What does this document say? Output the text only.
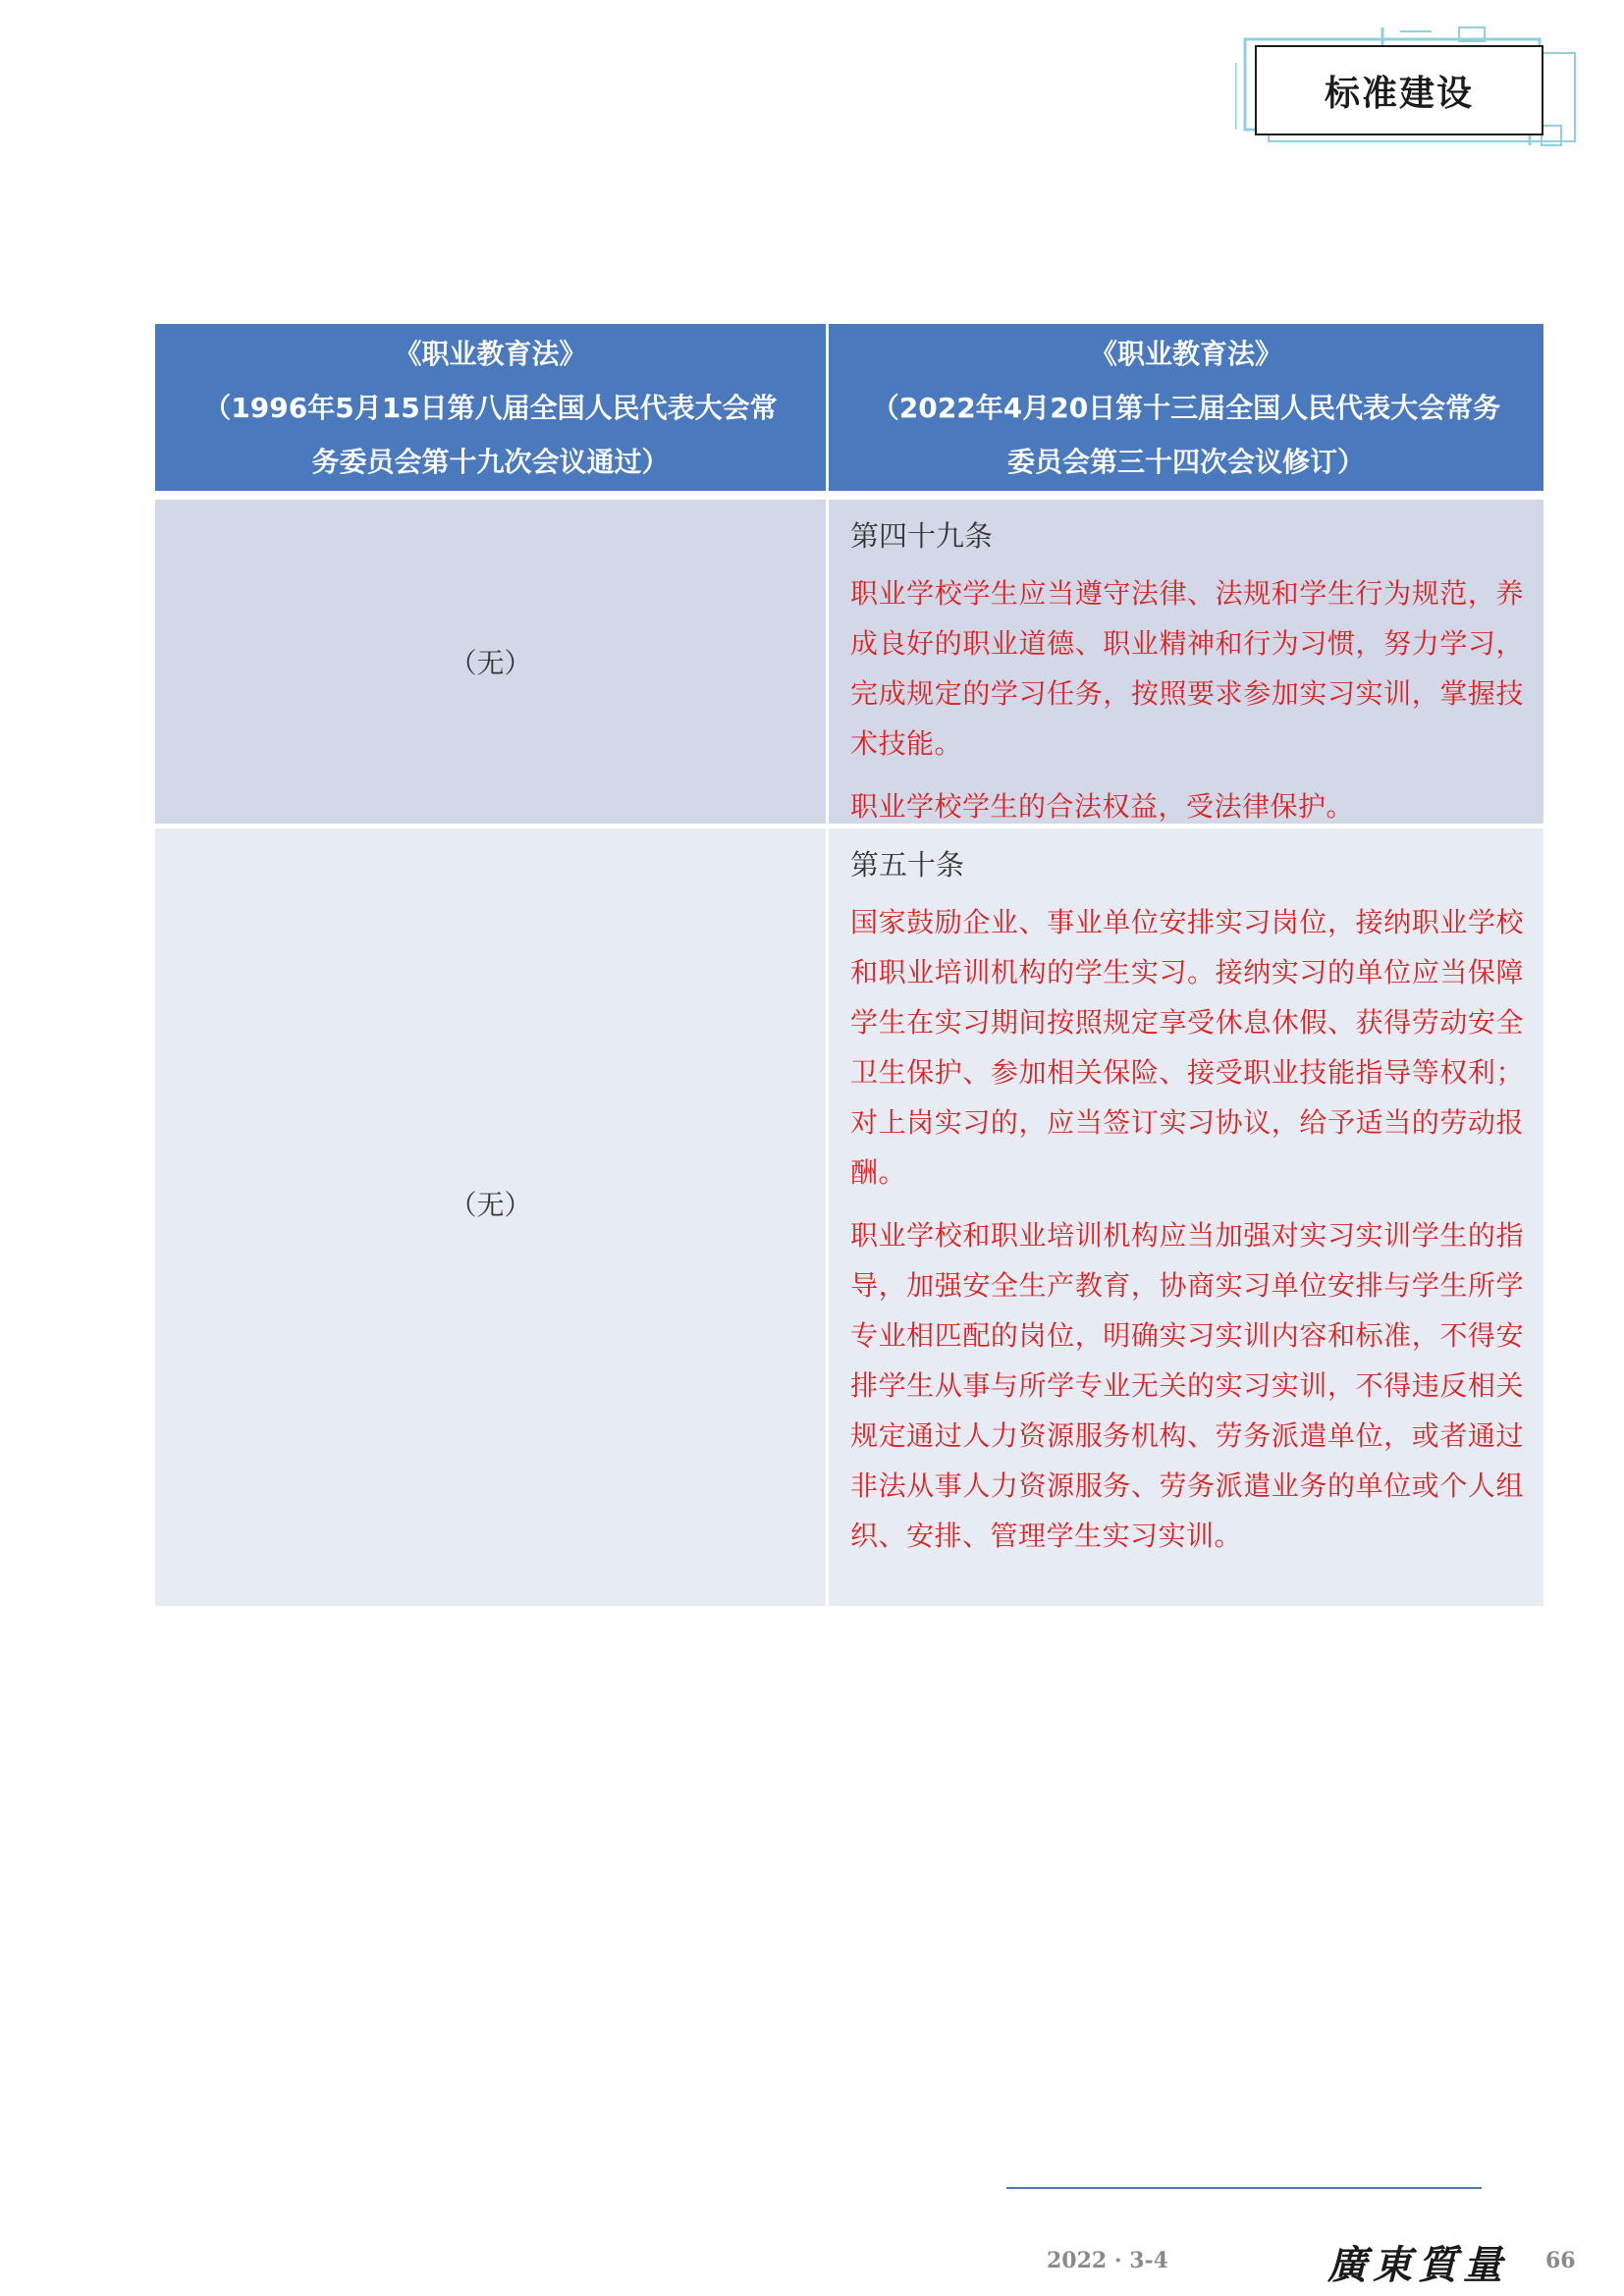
标准建设
《职业教育法》
（1996年5月15日第八届全国人民代表大会常
务委员会第十九次会议通过）
《职业教育法》
（2022年4月20日第十三届全国人民代表大会常务
委员会第三十四次会议修订）
（无）
第四十九条

职业学校学生应当遵守法律、法规和学生行为规范，养成良好的职业道德、职业精神和行为习惯，努力学习，完成规定的学习任务，按照要求参加实习实训，掌握技术技能。

职业学校学生的合法权益，受法律保护。

（无）
第五十条

国家鼓励企业、事业单位安排实习岗位，接纳职业学校和职业培训机构的学生实习。接纳实习的单位应当保障学生在实习期间按照规定享受休息休假、获得劳动安全卫生保护、参加相关保险、接受职业技能指导等权利；对上岗实习的，应当签订实习协议，给予适当的劳动报酬。

职业学校和职业培训机构应当加强对实习实训学生的指导，加强安全生产教育，协商实习单位安排与学生所学专业相匹配的岗位，明确实习实训内容和标准，不得安排学生从事与所学专业无关的实习实训，不得违反相关规定通过人力资源服务机构、劳务派遣单位，或者通过非法从事人力资源服务、劳务派遣业务的单位或个人组织、安排、管理学生实习实训。

2022 · 3-4	廣東質量 66
